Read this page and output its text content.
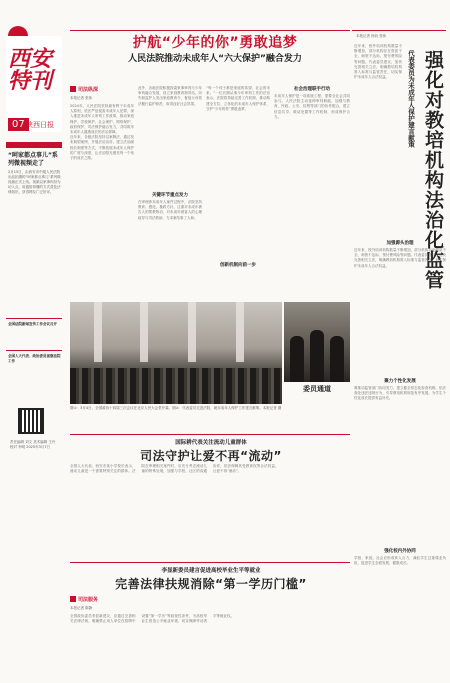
西安特刊
07 陕西日报
“呵家都点事儿”系列微视频走了
2月15日，由西安市中级人民法院出品拍摄的“呵家都点事儿”系列微视频正式上线。视频以家事纠纷为切入点，用通俗易懂的方式普及法律知识，获得网友广泛好评。
全国法院新闻宣传工作会议召开
全国人大代表、政协委员视察法院工作
责任编辑 刘文 美术编辑 王丹 校对 李明 2025年3月7日
护航“少年的你”勇敢追梦
人民法院推动未成年人“六大保护”融合发力
司法纵深
本报记者 张伟
2024年，人民法院坚持最有利于未成年人原则，依法严惩侵害未成年人犯罪，深入推进未成年人审判工作改革，推动家庭保护、学校保护、社会保护、网络保护、政府保护、司法保护融合发力，共同筑牢未成年人健康成长的法治屏障。
近年来，各级法院坚持以案释法，通过发布典型案例、开展法治宣讲、建立法治副校长制度等方式，不断拓展未成年人保护的广度与深度，让法治阳光照亮每一个孩子的成长之路。
关键环节重点发力
此外，各地法院积极探索家事审判与少年审判融合发展，设立家庭教育指导站，向失职监护人发出家庭教育令，督促父母依法履行监护职责，取得良好社会效果。
在审理涉未成年人案件过程中，法院坚持教育、感化、挽救方针，注重对未成年被告人的帮教矫治，对未成年被害人的心理疏导与司法救助，力求案结事了人和。
创新机制向前一步
“每一个孩子都是家庭的希望、社会的未来。”一位长期从事少年审判工作的法官表示，法院将持续完善工作机制，推动构建全方位、立体化的未成年人保护体系，守护“少年的你”勇敢追梦。
社会治理联手行动
未成年人保护是一项系统工程，需要全社会共同参与。人民法院主动延伸审判职能，加强与教育、民政、公安、检察等部门的协作配合，建立信息共享、联动处置等工作机制，形成保护合力。
委员通道
图①：3月4日，全国政协十四届三次会议在北京人民大会堂开幕。图②：代表委员走进法院，就未成年人保护工作建言献策。本报记者 摄
国际耕代表关注流动儿童群体
司法守护让爱不再“流动”
全国人大代表、西安市某小学校长表示，流动儿童是一个需要特别关注的群体。法院在审理相关案件时，应充分考虑流动儿童的特殊处境，加强与学校、社区的沟通协作，依法保障其受教育权等合法权益，让爱不再“流动”。
李显新委员建言促进高校毕业生平等就业
完善法律扶规消除“第一学历门槛”
司法服务
本报记者 陈静
全国政协委员李显新建议，应通过完善相关法律法规，明确禁止用人单位在招聘中设置“第一学历”等歧视性条件，为高校毕业生营造公平就业环境，切实保障劳动者平等就业权。
本报记者 杨钊 张伟
代表委员为未成年人保护建言献策 强化对教培机构法治化监管
近年来，校外培训机构数量不断增加，部分机构存在资质不全、师资不达标、预付费风险等问题。代表委员建议，加快完善相关立法，明确教培机构准入标准与监管责任，切实保护未成年人合法权益。
加强源头治理
近年来，校外培训机构数量不断增加，部分机构存在资质不全、师资不达标、预付费风险等问题。代表委员建议，加快完善相关立法，明确教培机构准入标准与监管责任，切实保护未成年人合法权益。
聚力个性化发展
要推动监管部门协同发力，建立健全常态化检查机制，依法查处违法违规行为，引导教培机构规范有序发展，为学生个性化成长提供有益补充。
强化校内外协同
学校、家庭、社会应形成育人合力，减轻学生过重课业负担，促进学生全面发展、健康成长。
